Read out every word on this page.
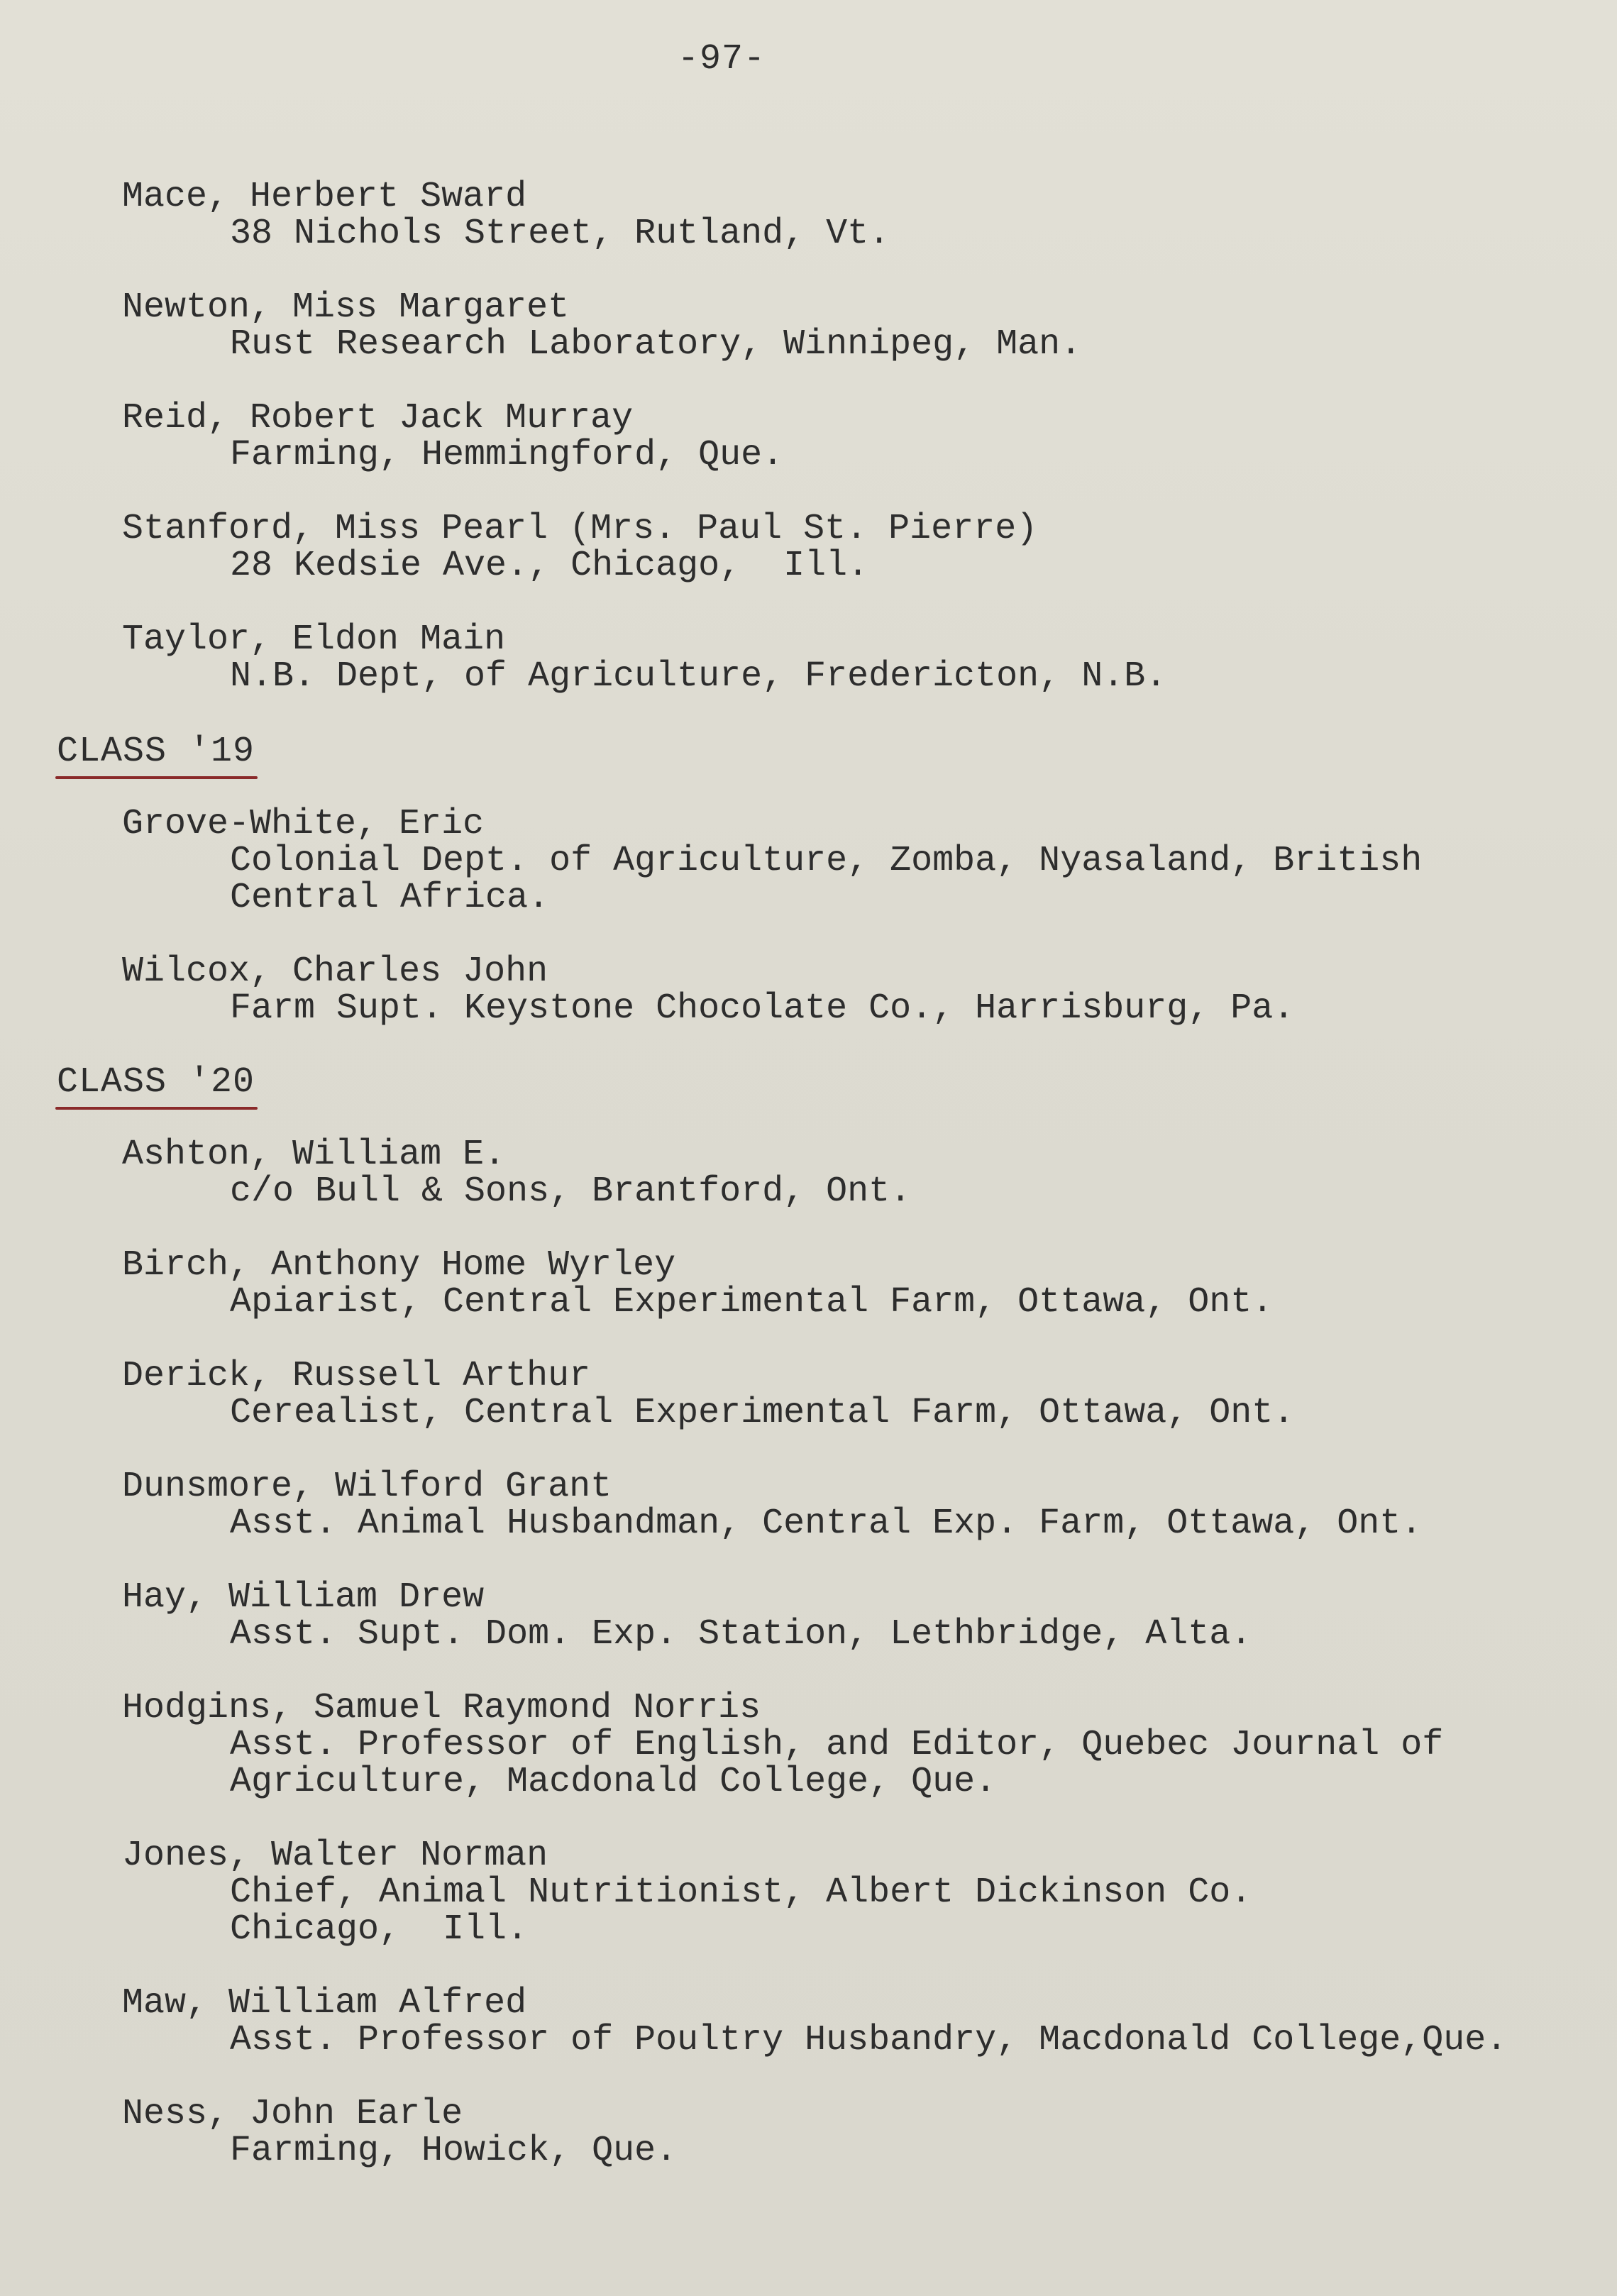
-97-
Mace, Herbert Sward
38 Nichols Street, Rutland, Vt.
Newton, Miss Margaret
Rust Research Laboratory, Winnipeg, Man.
Reid, Robert Jack Murray
Farming, Hemmingford, Que.
Stanford, Miss Pearl (Mrs. Paul St. Pierre)
28 Kedsie Ave., Chicago,  Ill.
Taylor, Eldon Main
N.B. Dept, of Agriculture, Fredericton, N.B.
CLASS '19
Grove-White, Eric
Colonial Dept. of Agriculture, Zomba, Nyasaland, British
Central Africa.
Wilcox, Charles John
Farm Supt. Keystone Chocolate Co., Harrisburg, Pa.
CLASS '20
Ashton, William E.
c/o Bull & Sons, Brantford, Ont.
Birch, Anthony Home Wyrley
Apiarist, Central Experimental Farm, Ottawa, Ont.
Derick, Russell Arthur
Cerealist, Central Experimental Farm, Ottawa, Ont.
Dunsmore, Wilford Grant
Asst. Animal Husbandman, Central Exp. Farm, Ottawa, Ont.
Hay, William Drew
Asst. Supt. Dom. Exp. Station, Lethbridge, Alta.
Hodgins, Samuel Raymond Norris
Asst. Professor of English, and Editor, Quebec Journal of
Agriculture, Macdonald College, Que.
Jones, Walter Norman
Chief, Animal Nutritionist, Albert Dickinson Co.
Chicago,  Ill.
Maw, William Alfred
Asst. Professor of Poultry Husbandry, Macdonald College,Que.
Ness, John Earle
Farming, Howick, Que.
